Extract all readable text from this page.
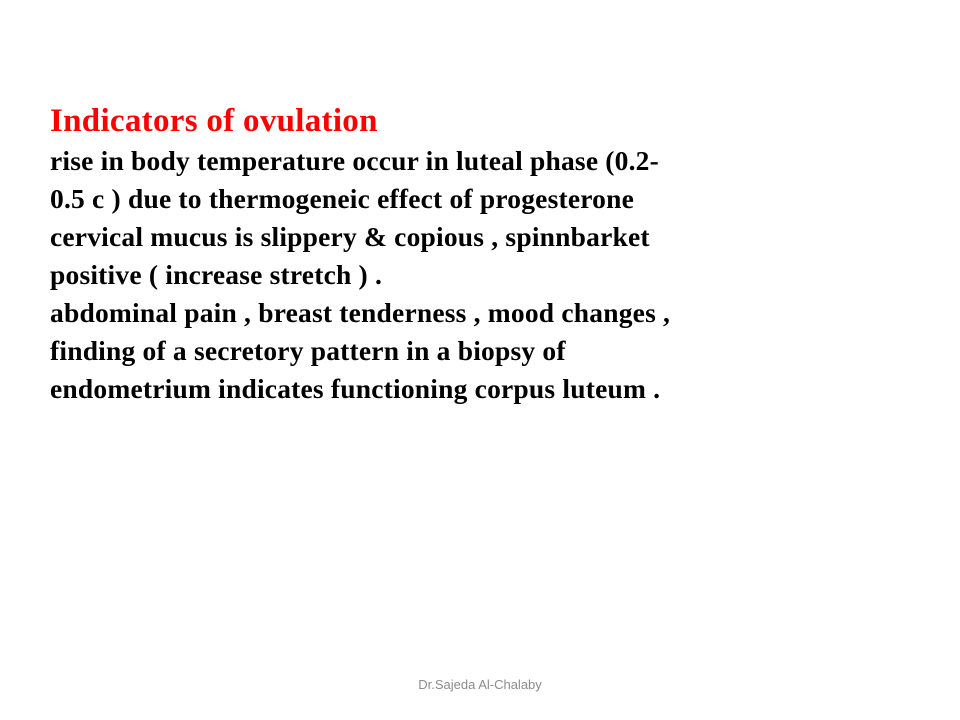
Indicators of ovulation

rise in body temperature occur in luteal phase (0.2-
0.5 c ) due to thermogeneic effect of progesterone
cervical mucus is slippery & copious , spinnbarket
positive ( increase stretch ) .
abdominal pain , breast tenderness , mood changes ,
finding of a secretory pattern in a biopsy of
endometrium indicates functioning corpus luteum .

Dr.Sajeda Al-Chalaby
